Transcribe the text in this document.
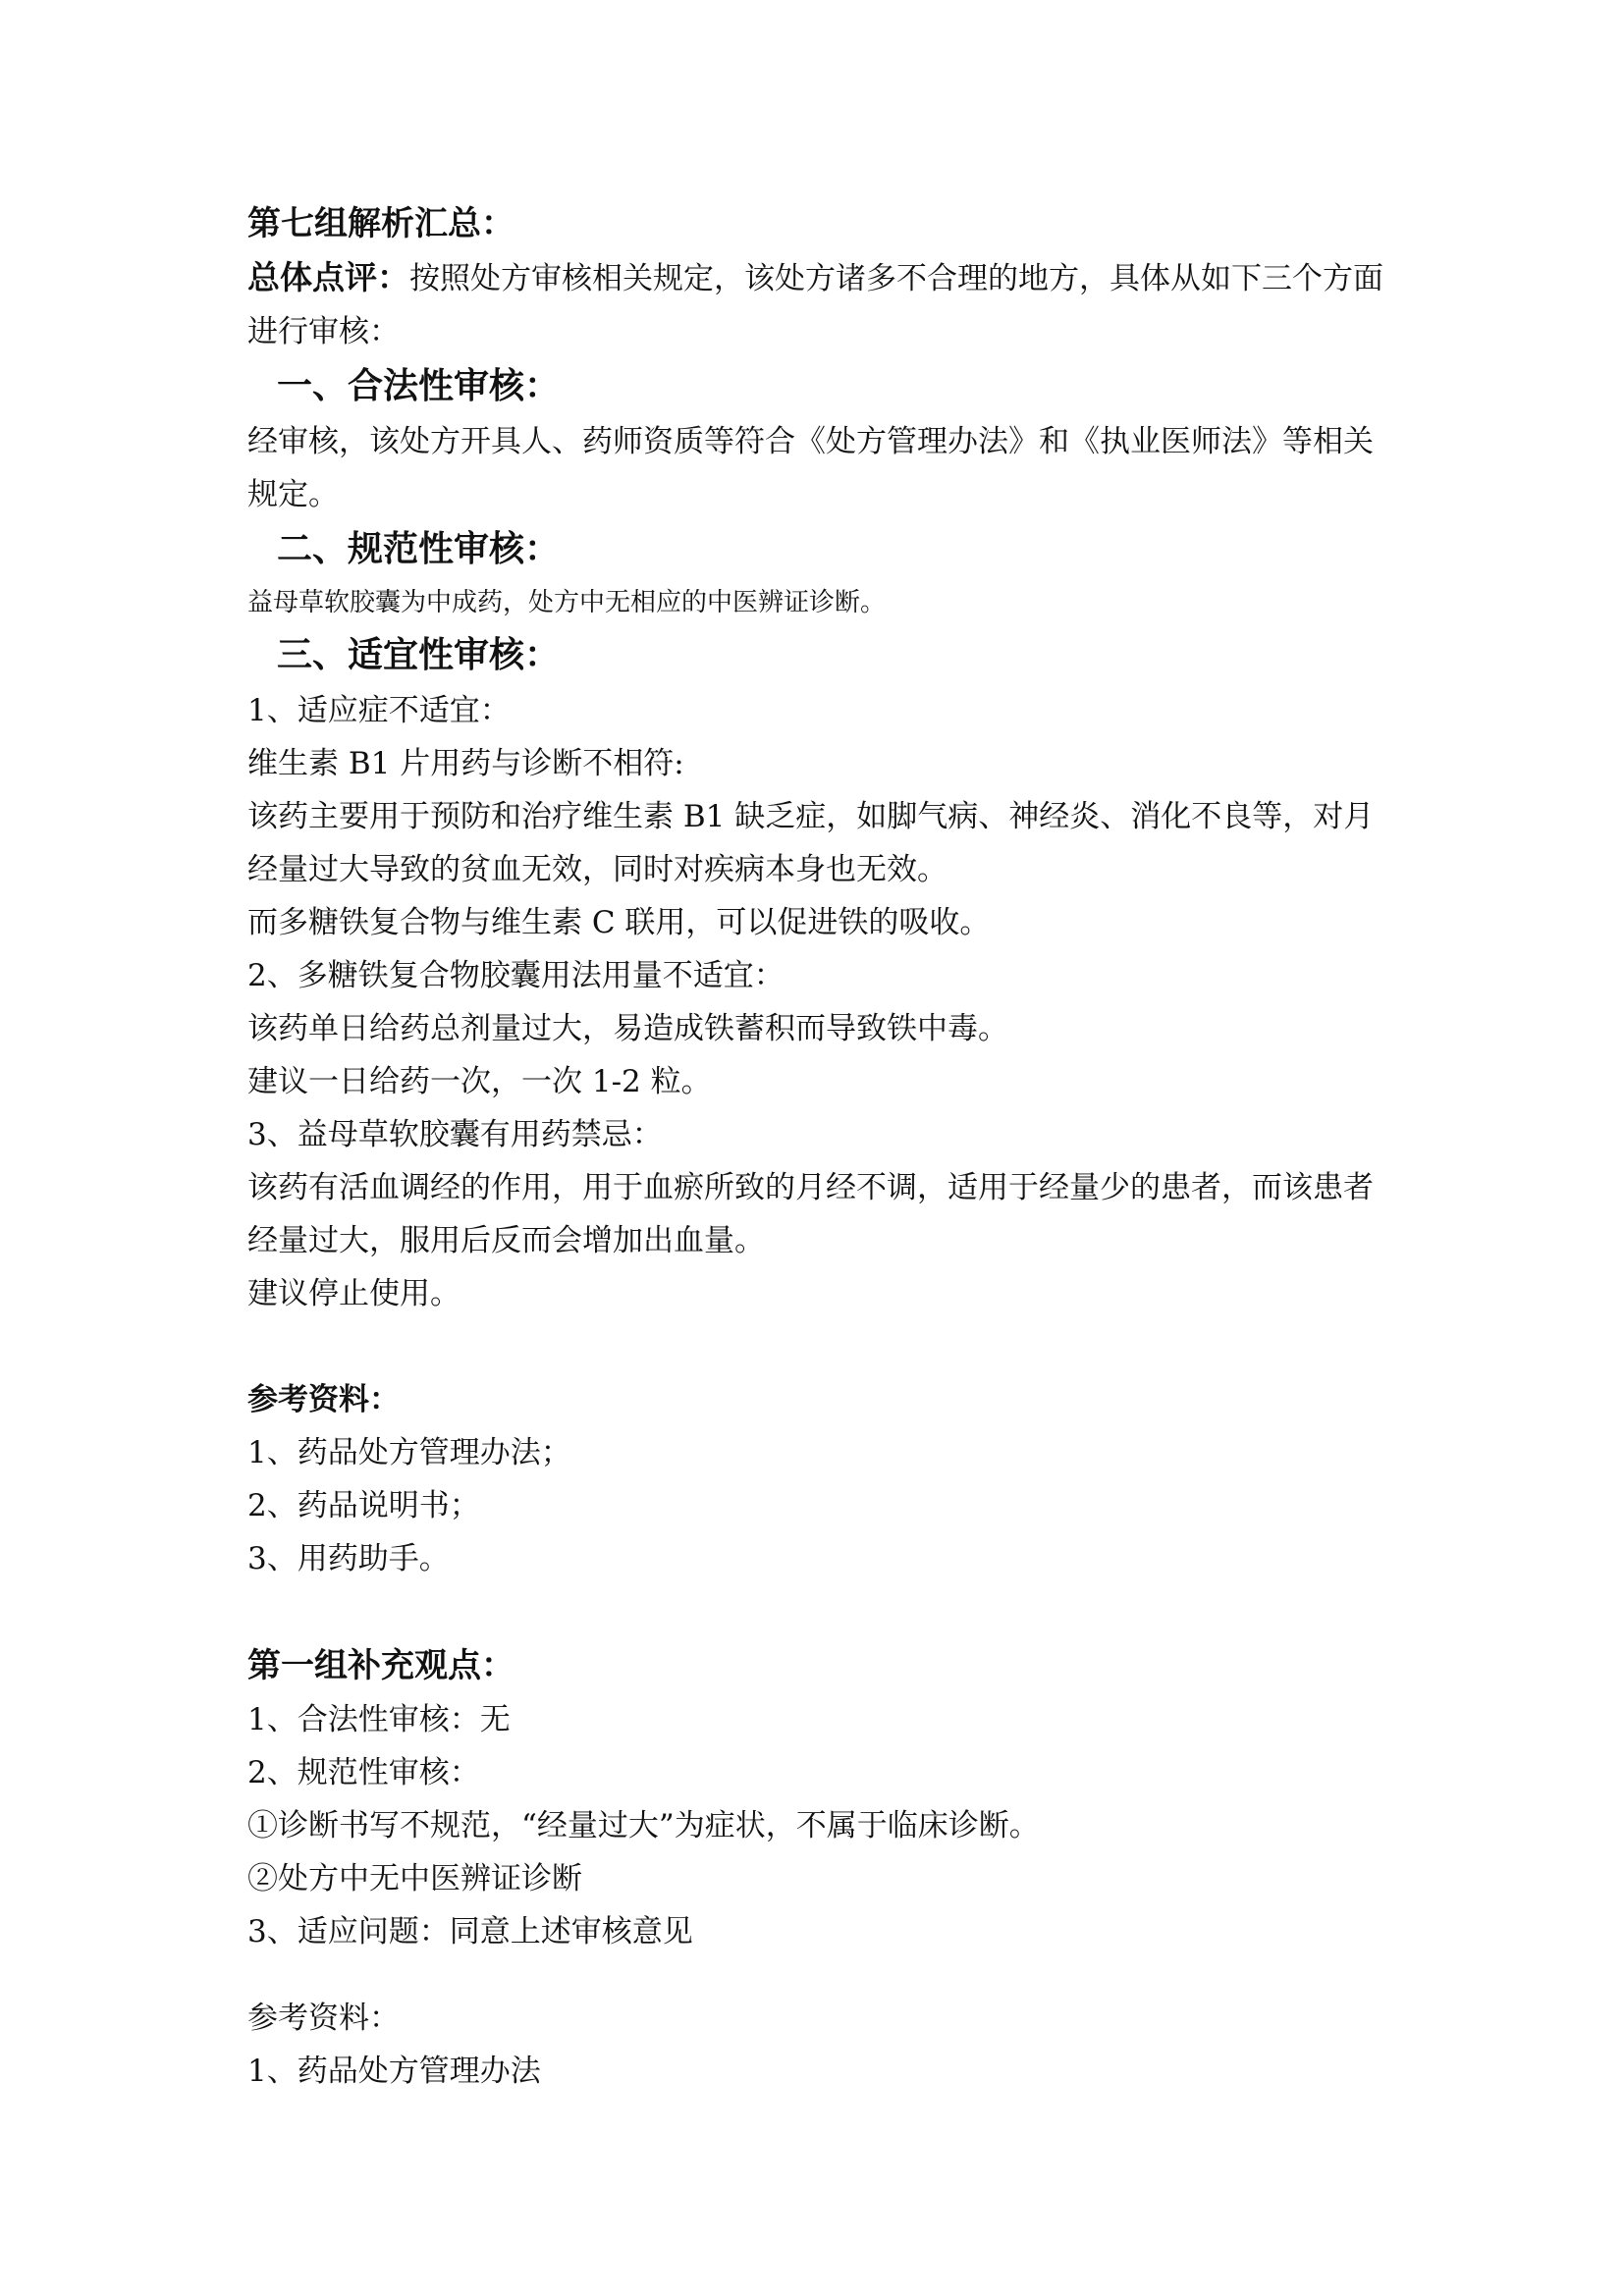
第七组解析汇总：

总体点评：按照处方审核相关规定，该处方诸多不合理的地方，具体从如下三个方面进行审核：

一、合法性审核：

经审核，该处方开具人、药师资质等符合《处方管理办法》和《执业医师法》等相关规定。

二、规范性审核：

益母草软胶囊为中成药，处方中无相应的中医辨证诊断。

三、适宜性审核：

1、适应症不适宜：

维生素 B1 片用药与诊断不相符:

该药主要用于预防和治疗维生素 B1 缺乏症，如脚气病、神经炎、消化不良等，对月经量过大导致的贫血无效，同时对疾病本身也无效。

而多糖铁复合物与维生素 C 联用，可以促进铁的吸收。

2、多糖铁复合物胶囊用法用量不适宜：

该药单日给药总剂量过大，易造成铁蓄积而导致铁中毒。

建议一日给药一次，一次 1-2 粒。

3、益母草软胶囊有用药禁忌：

该药有活血调经的作用，用于血瘀所致的月经不调，适用于经量少的患者，而该患者经量过大，服用后反而会增加出血量。

建议停止使用。

参考资料：

1、药品处方管理办法；

2、药品说明书；

3、用药助手。

第一组补充观点：

1、合法性审核：无

2、规范性审核：

①诊断书写不规范，“经量过大”为症状，不属于临床诊断。

②处方中无中医辨证诊断

3、适应问题：同意上述审核意见

参考资料：

1、药品处方管理办法
